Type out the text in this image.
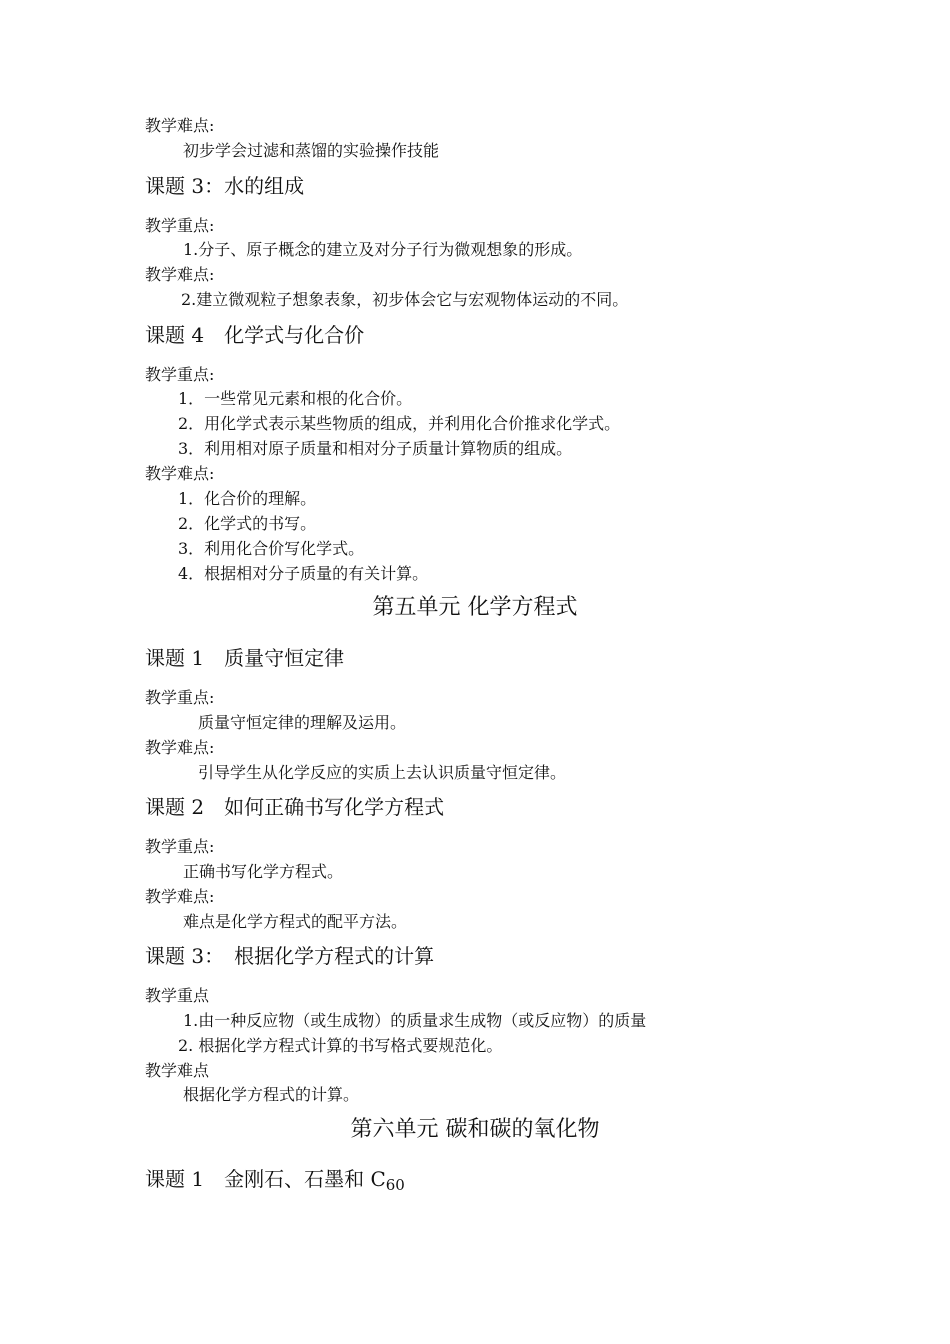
教学难点:
初步学会过滤和蒸馏的实验操作技能
课题 3：水的组成
教学重点:
1.分子、原子概念的建立及对分子行为微观想象的形成。
教学难点:
2.建立微观粒子想象表象，初步体会它与宏观物体运动的不同。
课题 4　化学式与化合价
教学重点:
1．一些常见元素和根的化合价。
2．用化学式表示某些物质的组成，并利用化合价推求化学式。
3．利用相对原子质量和相对分子质量计算物质的组成。
教学难点:
1．化合价的理解。
2．化学式的书写。
3．利用化合价写化学式。
4．根据相对分子质量的有关计算。
第五单元 化学方程式
课题 1　质量守恒定律
教学重点:
质量守恒定律的理解及运用。
教学难点:
引导学生从化学反应的实质上去认识质量守恒定律。
课题 2　如何正确书写化学方程式
教学重点:
正确书写化学方程式。
教学难点:
难点是化学方程式的配平方法。
课题 3：　根据化学方程式的计算
教学重点
1.由一种反应物（或生成物）的质量求生成物（或反应物）的质量
2. 根据化学方程式计算的书写格式要规范化。
教学难点
根据化学方程式的计算。
第六单元 碳和碳的氧化物
课题 1　金刚石、石墨和 $C_{60}$
